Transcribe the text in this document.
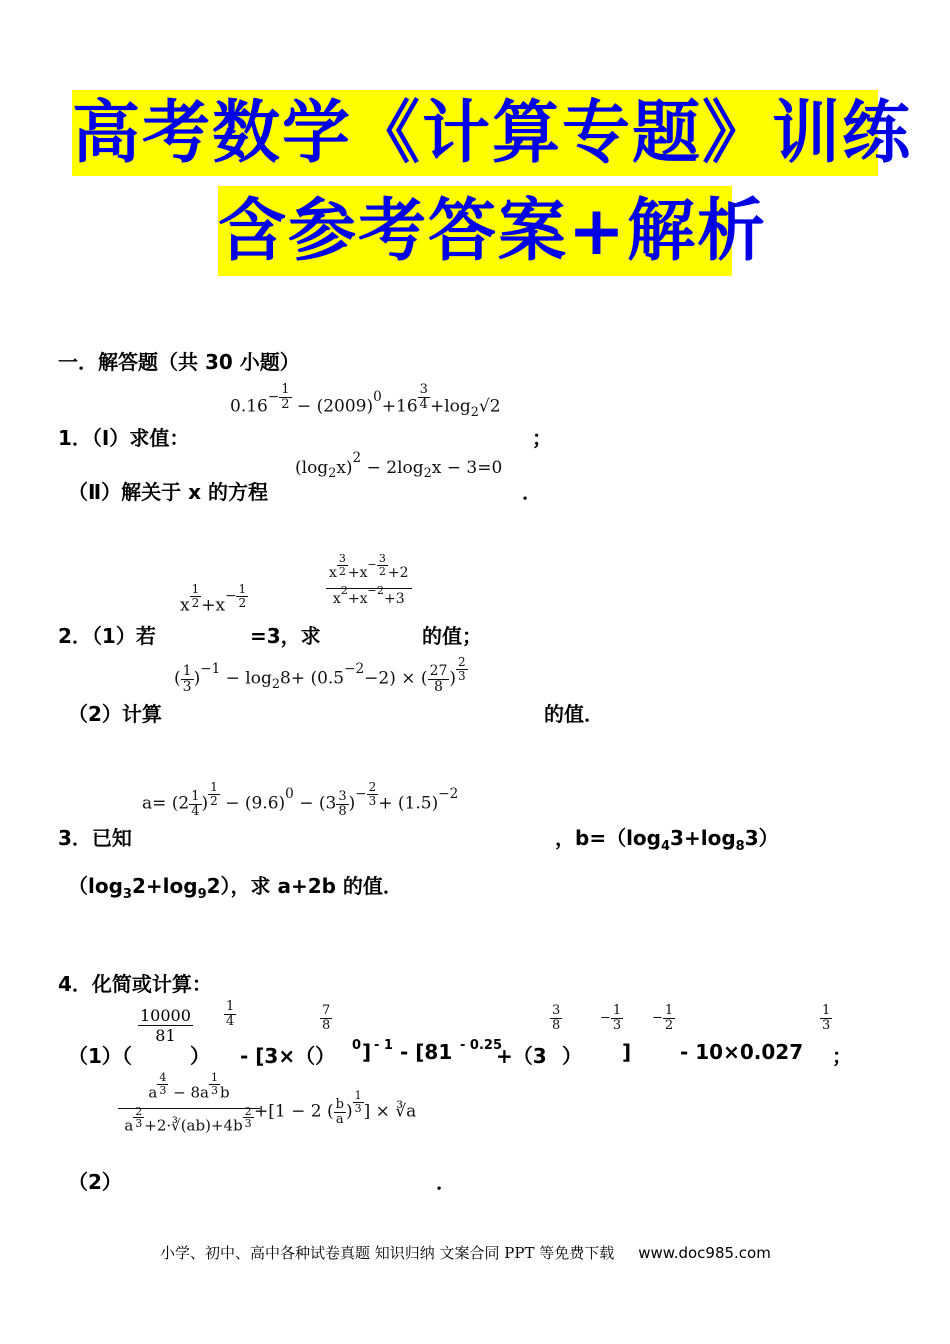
高考数学《计算专题》训练
含参考答案+解析
一．解答题（共 30 小题）
1．（Ⅰ）求值：
$0.16^{- \frac{1}{2}} - (2009)^0+16$ $^{\frac{3}{4}} +\log_2√2$
；
（Ⅱ）解关于 x 的方程
$(\log_2x)^2 - 2\log_2x - 3=0$
．
2．（1）若
x $^{\frac{1}{2}} +x^{- \frac{1}{2}}$
=3，求
x $^{\frac{3}{2}} +x^{- \frac{3}{2}} +2$
$x^2+x^{-2}+3$
的值；
（2）计算
( $\frac{1}{3} )^{-1} - \log_28+ (0.5^{-2}-2)$ × ( $\frac{27}{8}$ ) $^{\frac{2}{3}}$
的值．
3．已知
$a= (2 \frac{1}{4}$ ) $^{\frac{1}{2}} - (9.6)^0 - (3 \frac{3}{8} )^{- \frac{2}{3}} + (1.5)^{-2}$
，$b=(\log_43+\log_83)$
$(\log_32+\log_92)$，求 a+2b 的值．
4．化简或计算：
（1）（
$\frac{10000}{81} \frac{1}{4}$
） - [3×（）
$\frac{7}{8}$
0 ] - 1 - [81 - 0.25
+（3
$\frac{3}{8}$
）
− $\frac{1}{3} - \frac{1}{2}$
] - 10×0.027
$\frac{1}{3}$
；
（2）
a $^{\frac{4}{3}}$ − 8a $^{\frac{1}{3}}$ b
a $^{\frac{2}{3}}$ +2·∛(ab)+4b $^{\frac{2}{3}}$ +[1 − 2 ( $\frac{b}{a}$ ) $^{\frac{1}{3}}$ ] × ∛a
．
小学、初中、高中各种试卷真题 知识归纳 文案合同 PPT 等免费下载 www.doc985.com
